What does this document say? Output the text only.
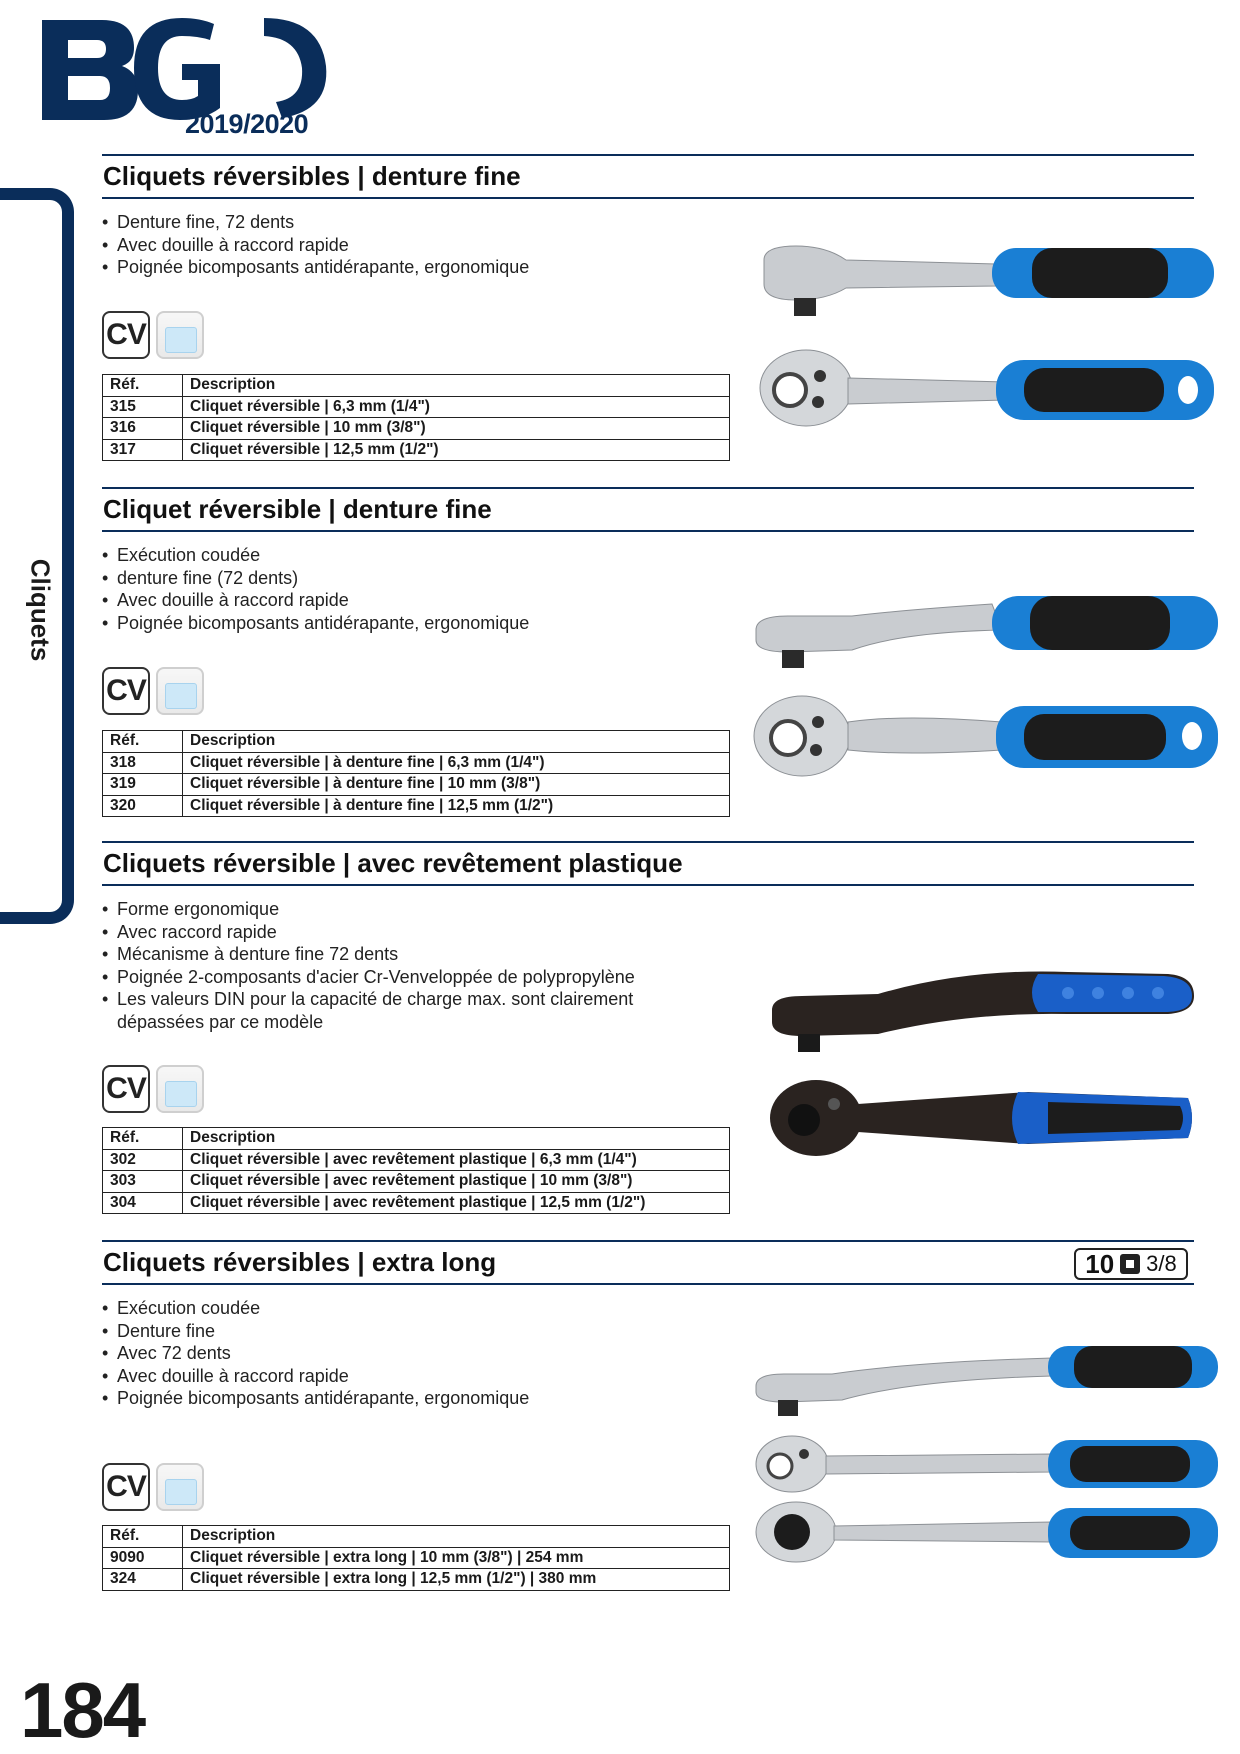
2019/2020
Cliquets
Cliquets réversibles | denture fine
• Denture fine, 72 dents
• Avec douille à raccord rapide
• Poignée bicomposants antidérapante, ergonomique
CV
Réf.	Description
315	Cliquet réversible | 6,3 mm (1/4")
316	Cliquet réversible | 10 mm (3/8")
317	Cliquet réversible | 12,5 mm (1/2")
Cliquet réversible | denture fine
• Exécution coudée
• denture fine (72 dents)
• Avec douille à raccord rapide
• Poignée bicomposants antidérapante, ergonomique
CV
Réf.	Description
318	Cliquet réversible | à denture fine | 6,3 mm (1/4")
319	Cliquet réversible | à denture fine | 10 mm (3/8")
320	Cliquet réversible | à denture fine | 12,5 mm (1/2")
Cliquets réversible | avec revêtement plastique
• Forme ergonomique
• Avec raccord rapide
• Mécanisme à denture fine 72 dents
• Poignée 2-composants d'acier Cr-Venveloppée de polypropylène
• Les valeurs DIN pour la capacité de charge max. sont clairement dépassées par ce modèle
CV
Réf.	Description
302	Cliquet réversible | avec revêtement plastique | 6,3 mm (1/4")
303	Cliquet réversible | avec revêtement plastique | 10 mm (3/8")
304	Cliquet réversible | avec revêtement plastique | 12,5 mm (1/2")
Cliquets réversibles | extra long	10 3/8
• Exécution coudée
• Denture fine
• Avec 72 dents
• Avec douille à raccord rapide
• Poignée bicomposants antidérapante, ergonomique
CV
Réf.	Description
9090	Cliquet réversible | extra long | 10 mm (3/8") | 254 mm
324	Cliquet réversible | extra long | 12,5 mm (1/2") | 380 mm
184
